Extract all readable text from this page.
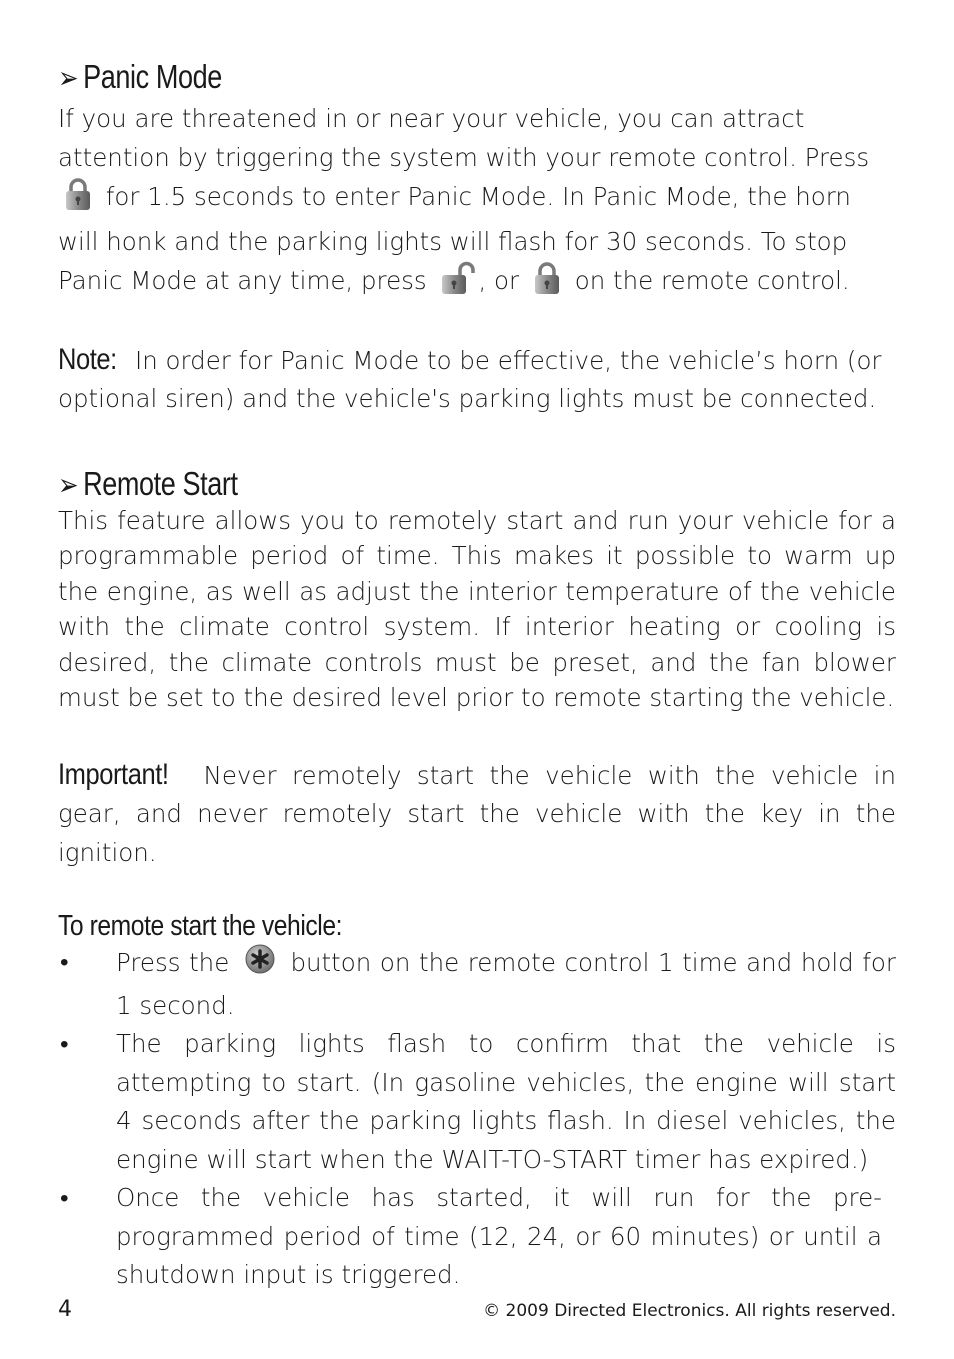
➢ Panic Mode

If you are threatened in or near your vehicle, you can attract attention by triggering the system with your remote control. Press  for 1.5 seconds to enter Panic Mode. In Panic Mode, the horn will honk and the parking lights will flash for 30 seconds. To stop Panic Mode at any time, press , or on the remote control.

Note: In order for Panic Mode to be effective, the vehicle’s horn (or optional siren) and the vehicle's parking lights must be connected.

➢ Remote Start

This feature allows you to remotely start and run your vehicle for a programmable period of time. This makes it possible to warm up the engine, as well as adjust the interior temperature of the vehicle with the climate control system. If interior heating or cooling is desired, the climate controls must be preset, and the fan blower must be set to the desired level prior to remote starting the vehicle.

Important! Never remotely start the vehicle with the vehicle in gear, and never remotely start the vehicle with the key in the ignition.

To remote start the vehicle:
• Press the button on the remote control 1 time and hold for 1 second.
• The parking lights flash to confirm that the vehicle is attempting to start. (In gasoline vehicles, the engine will start 4 seconds after the parking lights flash. In diesel vehicles, the engine will start when the WAIT-TO-START timer has expired.)
• Once the vehicle has started, it will run for the pre-programmed period of time (12, 24, or 60 minutes) or until a shutdown input is triggered.
4	© 2009 Directed Electronics. All rights reserved.
